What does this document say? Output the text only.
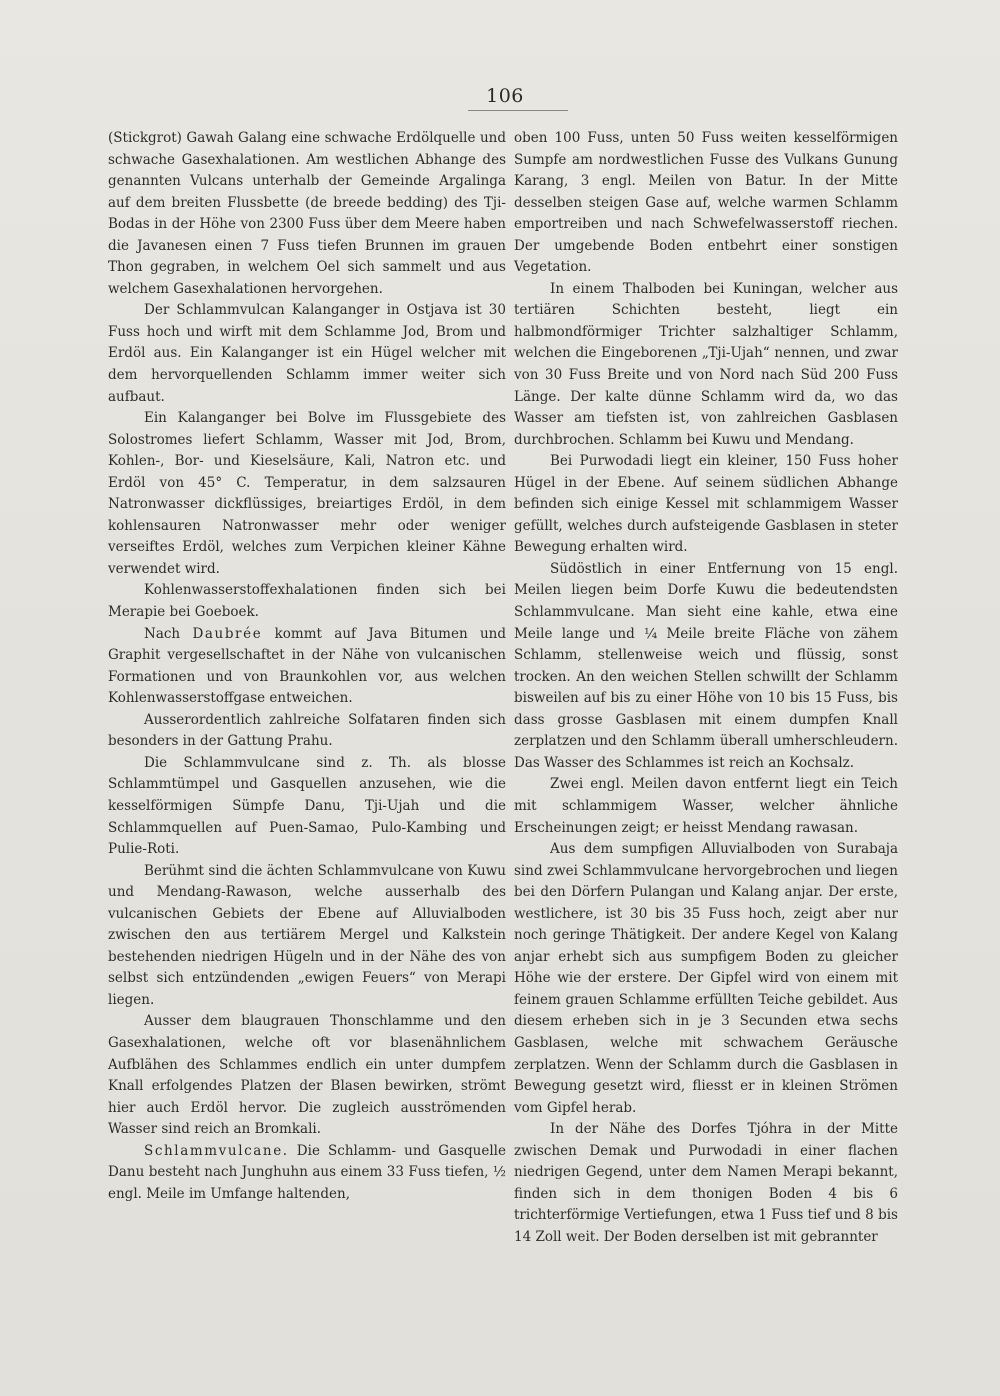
106

(Stickgrot) Gawah Galang eine schwache Erdölquelle und schwache Gasexhalationen. Am westlichen Abhange des genannten Vulcans unterhalb der Gemeinde Argalinga auf dem breiten Flussbette (de breede bedding) des Tji-Bodas in der Höhe von 2300 Fuss über dem Meere haben die Javanesen einen 7 Fuss tiefen Brunnen im grauen Thon gegraben, in welchem Oel sich sammelt und aus welchem Gasexhalationen hervorgehen.

Der Schlammvulcan Kalanganger in Ostjava ist 30 Fuss hoch und wirft mit dem Schlamme Jod, Brom und Erdöl aus. Ein Kalanganger ist ein Hügel welcher mit dem hervorquellenden Schlamm immer weiter sich aufbaut.

Ein Kalanganger bei Bolve im Flussgebiete des Solostromes liefert Schlamm, Wasser mit Jod, Brom, Kohlen-, Bor- und Kieselsäure, Kali, Natron etc. und Erdöl von 45° C. Temperatur, in dem salzsauren Natronwasser dickflüssiges, breiartiges Erdöl, in dem kohlensauren Natronwasser mehr oder weniger verseiftes Erdöl, welches zum Verpichen kleiner Kähne verwendet wird.

Kohlenwasserstoffexhalationen finden sich bei Merapie bei Goeboek.

Nach Daubrée kommt auf Java Bitumen und Graphit vergesellschaftet in der Nähe von vulcanischen Formationen und von Braunkohlen vor, aus welchen Kohlenwasserstoffgase entweichen.

Ausserordentlich zahlreiche Solfataren finden sich besonders in der Gattung Prahu.

Die Schlammvulcane sind z. Th. als blosse Schlammtümpel und Gasquellen anzusehen, wie die kesselförmigen Sümpfe Danu, Tji-Ujah und die Schlammquellen auf Puen-Samao, Pulo-Kambing und Pulie-Roti.

Berühmt sind die ächten Schlammvulcane von Kuwu und Mendang-Rawason, welche ausserhalb des vulcanischen Gebiets der Ebene auf Alluvialboden zwischen den aus tertiärem Mergel und Kalkstein bestehenden niedrigen Hügeln und in der Nähe des von selbst sich entzündenden „ewigen Feuers“ von Merapi liegen.

Ausser dem blaugrauen Thonschlamme und den Gasexhalationen, welche oft vor blasenähnlichem Aufblähen des Schlammes endlich ein unter dumpfem Knall erfolgendes Platzen der Blasen bewirken, strömt hier auch Erdöl hervor. Die zugleich ausströmenden Wasser sind reich an Bromkali.

Schlammvulcane. Die Schlamm- und Gasquelle Danu besteht nach Junghuhn aus einem 33 Fuss tiefen, ½ engl. Meile im Umfange haltenden,

oben 100 Fuss, unten 50 Fuss weiten kesselförmigen Sumpfe am nordwestlichen Fusse des Vulkans Gunung Karang, 3 engl. Meilen von Batur. In der Mitte desselben steigen Gase auf, welche warmen Schlamm emportreiben und nach Schwefelwasserstoff riechen. Der umgebende Boden entbehrt einer sonstigen Vegetation.

In einem Thalboden bei Kuningan, welcher aus tertiären Schichten besteht, liegt ein halbmondförmiger Trichter salzhaltiger Schlamm, welchen die Eingeborenen „Tji-Ujah“ nennen, und zwar von 30 Fuss Breite und von Nord nach Süd 200 Fuss Länge. Der kalte dünne Schlamm wird da, wo das Wasser am tiefsten ist, von zahlreichen Gasblasen durchbrochen. Schlamm bei Kuwu und Mendang.

Bei Purwodadi liegt ein kleiner, 150 Fuss hoher Hügel in der Ebene. Auf seinem südlichen Abhange befinden sich einige Kessel mit schlammigem Wasser gefüllt, welches durch aufsteigende Gasblasen in steter Bewegung erhalten wird.

Südöstlich in einer Entfernung von 15 engl. Meilen liegen beim Dorfe Kuwu die bedeutendsten Schlammvulcane. Man sieht eine kahle, etwa eine Meile lange und ¼ Meile breite Fläche von zähem Schlamm, stellenweise weich und flüssig, sonst trocken. An den weichen Stellen schwillt der Schlamm bisweilen auf bis zu einer Höhe von 10 bis 15 Fuss, bis dass grosse Gasblasen mit einem dumpfen Knall zerplatzen und den Schlamm überall umherschleudern. Das Wasser des Schlammes ist reich an Kochsalz.

Zwei engl. Meilen davon entfernt liegt ein Teich mit schlammigem Wasser, welcher ähnliche Erscheinungen zeigt; er heisst Mendang rawasan.

Aus dem sumpfigen Alluvialboden von Surabaja sind zwei Schlammvulcane hervorgebrochen und liegen bei den Dörfern Pulangan und Kalang anjar. Der erste, westlichere, ist 30 bis 35 Fuss hoch, zeigt aber nur noch geringe Thätigkeit. Der andere Kegel von Kalang anjar erhebt sich aus sumpfigem Boden zu gleicher Höhe wie der erstere. Der Gipfel wird von einem mit feinem grauen Schlamme erfüllten Teiche gebildet. Aus diesem erheben sich in je 3 Secunden etwa sechs Gasblasen, welche mit schwachem Geräusche zerplatzen. Wenn der Schlamm durch die Gasblasen in Bewegung gesetzt wird, fliesst er in kleinen Strömen vom Gipfel herab.

In der Nähe des Dorfes Tjóhra in der Mitte zwischen Demak und Purwodadi in einer flachen niedrigen Gegend, unter dem Namen Merapi bekannt, finden sich in dem thonigen Boden 4 bis 6 trichterförmige Vertiefungen, etwa 1 Fuss tief und 8 bis 14 Zoll weit. Der Boden derselben ist mit gebrannter
